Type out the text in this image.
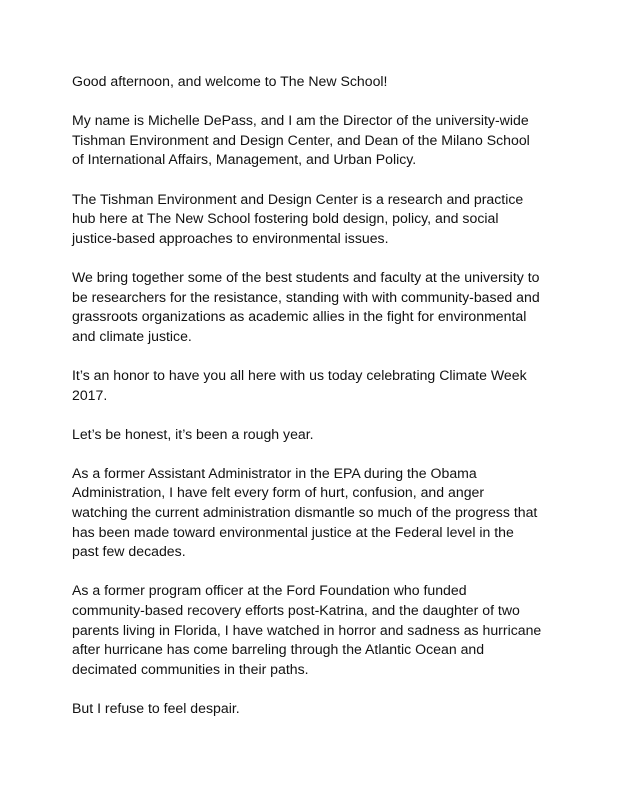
Good afternoon, and welcome to The New School!

My name is Michelle DePass, and I am the Director of the university-wide
Tishman Environment and Design Center, and Dean of the Milano School
of International Affairs, Management, and Urban Policy.

The Tishman Environment and Design Center is a research and practice
hub here at The New School fostering bold design, policy, and social
justice-based approaches to environmental issues.

We bring together some of the best students and faculty at the university to
be researchers for the resistance, standing with with community-based and
grassroots organizations as academic allies in the fight for environmental
and climate justice.

It’s an honor to have you all here with us today celebrating Climate Week
2017.

Let’s be honest, it’s been a rough year.

As a former Assistant Administrator in the EPA during the Obama
Administration, I have felt every form of hurt, confusion, and anger
watching the current administration dismantle so much of the progress that
has been made toward environmental justice at the Federal level in the
past few decades.

As a former program officer at the Ford Foundation who funded
community-based recovery efforts post-Katrina, and the daughter of two
parents living in Florida, I have watched in horror and sadness as hurricane
after hurricane has come barreling through the Atlantic Ocean and
decimated communities in their paths.

But I refuse to feel despair.
